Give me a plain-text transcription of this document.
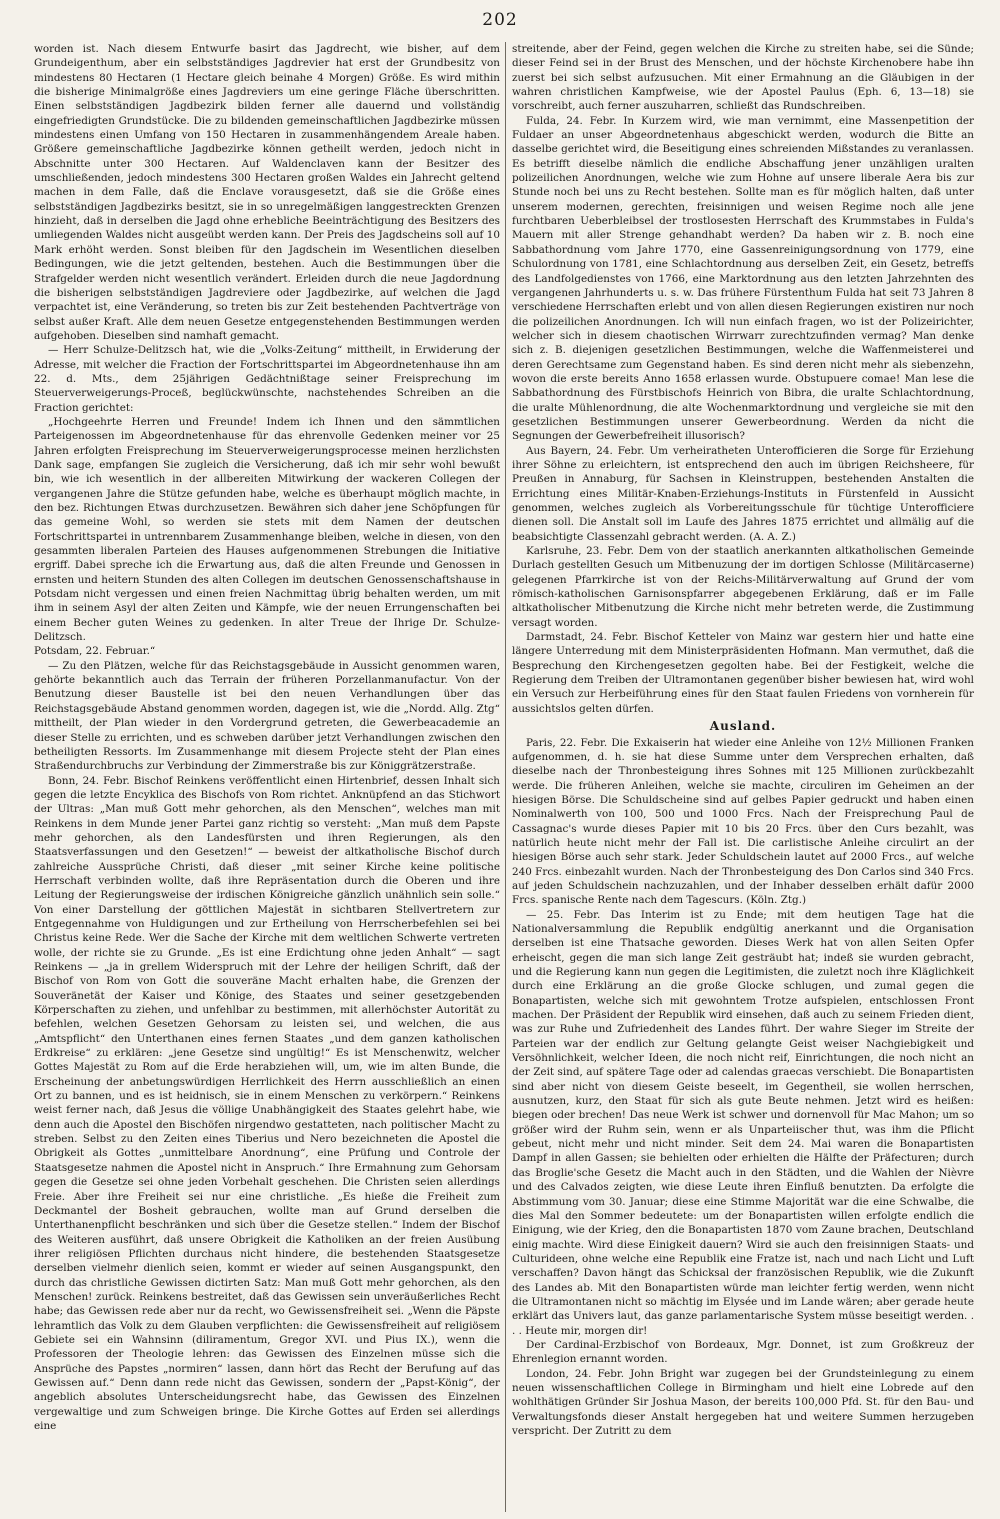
202

worden ist. Nach diesem Entwurfe basirt das Jagdrecht, wie bisher, auf dem Grundeigenthum, aber ein selbstständiges Jagdrevier hat erst der Grundbesitz von mindestens 80 Hectaren (1 Hectare gleich beinahe 4 Morgen) Größe. Es wird mithin die bisherige Minimalgröße eines Jagdreviers um eine geringe Fläche überschritten. Einen selbstständigen Jagdbezirk bilden ferner alle dauernd und vollständig eingefriedigten Grundstücke. Die zu bildenden gemeinschaftlichen Jagdbezirke müssen mindestens einen Umfang von 150 Hectaren in zusammenhängendem Areale haben. Größere gemeinschaftliche Jagdbezirke können getheilt werden, jedoch nicht in Abschnitte unter 300 Hectaren. Auf Waldenclaven kann der Besitzer des umschließenden, jedoch mindestens 300 Hectaren großen Waldes ein Jahrecht geltend machen in dem Falle, daß die Enclave vorausgesetzt, daß sie die Größe eines selbstständigen Jagdbezirks besitzt, sie in so unregelmäßigen langgestreckten Grenzen hinzieht, daß in derselben die Jagd ohne erhebliche Beeinträchtigung des Besitzers des umliegenden Waldes nicht ausgeübt werden kann. Der Preis des Jagdscheins soll auf 10 Mark erhöht werden. Sonst bleiben für den Jagdschein im Wesentlichen dieselben Bedingungen, wie die jetzt geltenden, bestehen. Auch die Bestimmungen über die Strafgelder werden nicht wesentlich verändert. Erleiden durch die neue Jagdordnung die bisherigen selbstständigen Jagdreviere oder Jagdbezirke, auf welchen die Jagd verpachtet ist, eine Veränderung, so treten bis zur Zeit bestehenden Pachtverträge von selbst außer Kraft. Alle dem neuen Gesetze entgegenstehenden Bestimmungen werden aufgehoben. Dieselben sind namhaft gemacht.

— Herr Schulze-Delitzsch hat, wie die „Volks-Zeitung“ mittheilt, in Erwiderung der Adresse, mit welcher die Fraction der Fortschrittspartei im Abgeordnetenhause ihn am 22. d. Mts., dem 25jährigen Gedächtnißtage seiner Freisprechung im Steuerverweigerungs-Proceß, beglückwünschte, nachstehendes Schreiben an die Fraction gerichtet:

„Hochgeehrte Herren und Freunde! Indem ich Ihnen und den sämmtlichen Parteigenossen im Abgeordnetenhause für das ehrenvolle Gedenken meiner vor 25 Jahren erfolgten Freisprechung im Steuerverweigerungsprocesse meinen herzlichsten Dank sage, empfangen Sie zugleich die Versicherung, daß ich mir sehr wohl bewußt bin, wie ich wesentlich in der allbereiten Mitwirkung der wackeren Collegen der vergangenen Jahre die Stütze gefunden habe, welche es überhaupt möglich machte, in den bez. Richtungen Etwas durchzusetzen. Bewähren sich daher jene Schöpfungen für das gemeine Wohl, so werden sie stets mit dem Namen der deutschen Fortschrittspartei in untrennbarem Zusammenhange bleiben, welche in diesen, von den gesammten liberalen Parteien des Hauses aufgenommenen Strebungen die Initiative ergriff. Dabei spreche ich die Erwartung aus, daß die alten Freunde und Genossen in ernsten und heitern Stunden des alten Collegen im deutschen Genossenschaftshause in Potsdam nicht vergessen und einen freien Nachmittag übrig behalten werden, um mit ihm in seinem Asyl der alten Zeiten und Kämpfe, wie der neuen Errungenschaften bei einem Becher guten Weines zu gedenken. In alter Treue der Ihrige Dr. Schulze-Delitzsch.

Potsdam, 22. Februar.“

— Zu den Plätzen, welche für das Reichstagsgebäude in Aussicht genommen waren, gehörte bekanntlich auch das Terrain der früheren Porzellanmanufactur. Von der Benutzung dieser Baustelle ist bei den neuen Verhandlungen über das Reichstagsgebäude Abstand genommen worden, dagegen ist, wie die „Nordd. Allg. Ztg“ mittheilt, der Plan wieder in den Vordergrund getreten, die Gewerbeacademie an dieser Stelle zu errichten, und es schweben darüber jetzt Verhandlungen zwischen den betheiligten Ressorts. Im Zusammenhange mit diesem Projecte steht der Plan eines Straßendurchbruchs zur Verbindung der Zimmerstraße bis zur Königgrätzerstraße.

Bonn, 24. Febr. Bischof Reinkens veröffentlicht einen Hirtenbrief, dessen Inhalt sich gegen die letzte Encyklica des Bischofs von Rom richtet. Anknüpfend an das Stichwort der Ultras: „Man muß Gott mehr gehorchen, als den Menschen“, welches man mit Reinkens in dem Munde jener Partei ganz richtig so versteht: „Man muß dem Papste mehr gehorchen, als den Landesfürsten und ihren Regierungen, als den Staatsverfassungen und den Gesetzen!“ — beweist der altkatholische Bischof durch zahlreiche Aussprüche Christi, daß dieser „mit seiner Kirche keine politische Herrschaft verbinden wollte, daß ihre Repräsentation durch die Oberen und ihre Leitung der Regierungsweise der irdischen Königreiche gänzlich unähnlich sein solle.“ Von einer Darstellung der göttlichen Majestät in sichtbaren Stellvertretern zur Entgegennahme von Huldigungen und zur Ertheilung von Herrscherbefehlen sei bei Christus keine Rede. Wer die Sache der Kirche mit dem weltlichen Schwerte vertreten wolle, der richte sie zu Grunde. „Es ist eine Erdichtung ohne jeden Anhalt“ — sagt Reinkens — „ja in grellem Widerspruch mit der Lehre der heiligen Schrift, daß der Bischof von Rom von Gott die souveräne Macht erhalten habe, die Grenzen der Souveränetät der Kaiser und Könige, des Staates und seiner gesetzgebenden Körperschaften zu ziehen, und unfehlbar zu bestimmen, mit allerhöchster Autorität zu befehlen, welchen Gesetzen Gehorsam zu leisten sei, und welchen, die aus „Amtspflicht“ den Unterthanen eines fernen Staates „und dem ganzen katholischen Erdkreise“ zu erklären: „jene Gesetze sind ungültig!“ Es ist Menschenwitz, welcher Gottes Majestät zu Rom auf die Erde herabziehen will, um, wie im alten Bunde, die Erscheinung der anbetungswürdigen Herrlichkeit des Herrn ausschließlich an einen Ort zu bannen, und es ist heidnisch, sie in einem Menschen zu verkörpern.“ Reinkens weist ferner nach, daß Jesus die völlige Unabhängigkeit des Staates gelehrt habe, wie denn auch die Apostel den Bischöfen nirgendwo gestatteten, nach politischer Macht zu streben. Selbst zu den Zeiten eines Tiberius und Nero bezeichneten die Apostel die Obrigkeit als Gottes „unmittelbare Anordnung“, eine Prüfung und Controle der Staatsgesetze nahmen die Apostel nicht in Anspruch.“ Ihre Ermahnung zum Gehorsam gegen die Gesetze sei ohne jeden Vorbehalt geschehen. Die Christen seien allerdings Freie. Aber ihre Freiheit sei nur eine christliche. „Es hieße die Freiheit zum Deckmantel der Bosheit gebrauchen, wollte man auf Grund derselben die Unterthanenpflicht beschränken und sich über die Gesetze stellen.“ Indem der Bischof des Weiteren ausführt, daß unsere Obrigkeit die Katholiken an der freien Ausübung ihrer religiösen Pflichten durchaus nicht hindere, die bestehenden Staatsgesetze derselben vielmehr dienlich seien, kommt er wieder auf seinen Ausgangspunkt, den durch das christliche Gewissen dictirten Satz: Man muß Gott mehr gehorchen, als den Menschen! zurück. Reinkens bestreitet, daß das Gewissen sein unveräußerliches Recht habe; das Gewissen rede aber nur da recht, wo Gewissensfreiheit sei. „Wenn die Päpste lehramtlich das Volk zu dem Glauben verpflichten: die Gewissensfreiheit auf religiösem Gebiete sei ein Wahnsinn (diliramentum, Gregor XVI. und Pius IX.), wenn die Professoren der Theologie lehren: das Gewissen des Einzelnen müsse sich die Ansprüche des Papstes „normiren“ lassen, dann hört das Recht der Berufung auf das Gewissen auf.“ Denn dann rede nicht das Gewissen, sondern der „Papst-König“, der angeblich absolutes Unterscheidungsrecht habe, das Gewissen des Einzelnen vergewaltige und zum Schweigen bringe. Die Kirche Gottes auf Erden sei allerdings eine

streitende, aber der Feind, gegen welchen die Kirche zu streiten habe, sei die Sünde; dieser Feind sei in der Brust des Menschen, und der höchste Kirchenobere habe ihn zuerst bei sich selbst aufzusuchen. Mit einer Ermahnung an die Gläubigen in der wahren christlichen Kampfweise, wie der Apostel Paulus (Eph. 6, 13—18) sie vorschreibt, auch ferner auszuharren, schließt das Rundschreiben.

Fulda, 24. Febr. In Kurzem wird, wie man vernimmt, eine Massenpetition der Fuldaer an unser Abgeordnetenhaus abgeschickt werden, wodurch die Bitte an dasselbe gerichtet wird, die Beseitigung eines schreienden Mißstandes zu veranlassen. Es betrifft dieselbe nämlich die endliche Abschaffung jener unzähligen uralten polizeilichen Anordnungen, welche wie zum Hohne auf unsere liberale Aera bis zur Stunde noch bei uns zu Recht bestehen. Sollte man es für möglich halten, daß unter unserem modernen, gerechten, freisinnigen und weisen Regime noch alle jene furchtbaren Ueberbleibsel der trostlosesten Herrschaft des Krummstabes in Fulda's Mauern mit aller Strenge gehandhabt werden? Da haben wir z. B. noch eine Sabbathordnung vom Jahre 1770, eine Gassenreinigungsordnung von 1779, eine Schulordnung von 1781, eine Schlachtordnung aus derselben Zeit, ein Gesetz, betreffs des Landfolgedienstes von 1766, eine Marktordnung aus den letzten Jahrzehnten des vergangenen Jahrhunderts u. s. w. Das frühere Fürstenthum Fulda hat seit 73 Jahren 8 verschiedene Herrschaften erlebt und von allen diesen Regierungen existiren nur noch die polizeilichen Anordnungen. Ich will nun einfach fragen, wo ist der Polizeirichter, welcher sich in diesem chaotischen Wirrwarr zurechtzufinden vermag? Man denke sich z. B. diejenigen gesetzlichen Bestimmungen, welche die Waffenmeisterei und deren Gerechtsame zum Gegenstand haben. Es sind deren nicht mehr als siebenzehn, wovon die erste bereits Anno 1658 erlassen wurde. Obstupuere comae! Man lese die Sabbathordnung des Fürstbischofs Heinrich von Bibra, die uralte Schlachtordnung, die uralte Mühlenordnung, die alte Wochenmarktordnung und vergleiche sie mit den gesetzlichen Bestimmungen unserer Gewerbeordnung. Werden da nicht die Segnungen der Gewerbefreiheit illusorisch?

Aus Bayern, 24. Febr. Um verheiratheten Unterofficieren die Sorge für Erziehung ihrer Söhne zu erleichtern, ist entsprechend den auch im übrigen Reichsheere, für Preußen in Annaburg, für Sachsen in Kleinstruppen, bestehenden Anstalten die Errichtung eines Militär-Knaben-Erziehungs-Instituts in Fürstenfeld in Aussicht genommen, welches zugleich als Vorbereitungsschule für tüchtige Unterofficiere dienen soll. Die Anstalt soll im Laufe des Jahres 1875 errichtet und allmälig auf die beabsichtigte Classenzahl gebracht werden. (A. A. Z.)

Karlsruhe, 23. Febr. Dem von der staatlich anerkannten altkatholischen Gemeinde Durlach gestellten Gesuch um Mitbenuzung der im dortigen Schlosse (Militärcaserne) gelegenen Pfarrkirche ist von der Reichs-Militärverwaltung auf Grund der vom römisch-katholischen Garnisonspfarrer abgegebenen Erklärung, daß er im Falle altkatholischer Mitbenutzung die Kirche nicht mehr betreten werde, die Zustimmung versagt worden.

Darmstadt, 24. Febr. Bischof Ketteler von Mainz war gestern hier und hatte eine längere Unterredung mit dem Ministerpräsidenten Hofmann. Man vermuthet, daß die Besprechung den Kirchengesetzen gegolten habe. Bei der Festigkeit, welche die Regierung dem Treiben der Ultramontanen gegenüber bisher bewiesen hat, wird wohl ein Versuch zur Herbeiführung eines für den Staat faulen Friedens von vornherein für aussichtslos gelten dürfen.

Ausland.

Paris, 22. Febr. Die Exkaiserin hat wieder eine Anleihe von 12½ Millionen Franken aufgenommen, d. h. sie hat diese Summe unter dem Versprechen erhalten, daß dieselbe nach der Thronbesteigung ihres Sohnes mit 125 Millionen zurückbezahlt werde. Die früheren Anleihen, welche sie machte, circuliren im Geheimen an der hiesigen Börse. Die Schuldscheine sind auf gelbes Papier gedruckt und haben einen Nominalwerth von 100, 500 und 1000 Frcs. Nach der Freisprechung Paul de Cassagnac's wurde dieses Papier mit 10 bis 20 Frcs. über den Curs bezahlt, was natürlich heute nicht mehr der Fall ist. Die carlistische Anleihe circulirt an der hiesigen Börse auch sehr stark. Jeder Schuldschein lautet auf 2000 Frcs., auf welche 240 Frcs. einbezahlt wurden. Nach der Thronbesteigung des Don Carlos sind 340 Frcs. auf jeden Schuldschein nachzuzahlen, und der Inhaber desselben erhält dafür 2000 Frcs. spanische Rente nach dem Tagescurs. (Köln. Ztg.)

— 25. Febr. Das Interim ist zu Ende; mit dem heutigen Tage hat die Nationalversammlung die Republik endgültig anerkannt und die Organisation derselben ist eine Thatsache geworden. Dieses Werk hat von allen Seiten Opfer erheischt, gegen die man sich lange Zeit gesträubt hat; indeß sie wurden gebracht, und die Regierung kann nun gegen die Legitimisten, die zuletzt noch ihre Kläglichkeit durch eine Erklärung an die große Glocke schlugen, und zumal gegen die Bonapartisten, welche sich mit gewohntem Trotze aufspielen, entschlossen Front machen. Der Präsident der Republik wird einsehen, daß auch zu seinem Frieden dient, was zur Ruhe und Zufriedenheit des Landes führt. Der wahre Sieger im Streite der Parteien war der endlich zur Geltung gelangte Geist weiser Nachgiebigkeit und Versöhnlichkeit, welcher Ideen, die noch nicht reif, Einrichtungen, die noch nicht an der Zeit sind, auf spätere Tage oder ad calendas graecas verschiebt. Die Bonapartisten sind aber nicht von diesem Geiste beseelt, im Gegentheil, sie wollen herrschen, ausnutzen, kurz, den Staat für sich als gute Beute nehmen. Jetzt wird es heißen: biegen oder brechen! Das neue Werk ist schwer und dornenvoll für Mac Mahon; um so größer wird der Ruhm sein, wenn er als Unparteiischer thut, was ihm die Pflicht gebeut, nicht mehr und nicht minder. Seit dem 24. Mai waren die Bonapartisten Dampf in allen Gassen; sie behielten oder erhielten die Hälfte der Präfecturen; durch das Broglie'sche Gesetz die Macht auch in den Städten, und die Wahlen der Nièvre und des Calvados zeigten, wie diese Leute ihren Einfluß benutzten. Da erfolgte die Abstimmung vom 30. Januar; diese eine Stimme Majorität war die eine Schwalbe, die dies Mal den Sommer bedeutete: um der Bonapartisten willen erfolgte endlich die Einigung, wie der Krieg, den die Bonapartisten 1870 vom Zaune brachen, Deutschland einig machte. Wird diese Einigkeit dauern? Wird sie auch den freisinnigen Staats- und Culturideen, ohne welche eine Republik eine Fratze ist, nach und nach Licht und Luft verschaffen? Davon hängt das Schicksal der französischen Republik, wie die Zukunft des Landes ab. Mit den Bonapartisten würde man leichter fertig werden, wenn nicht die Ultramontanen nicht so mächtig im Elysée und im Lande wären; aber gerade heute erklärt das Univers laut, das ganze parlamentarische System müsse beseitigt werden. . . . Heute mir, morgen dir!

Der Cardinal-Erzbischof von Bordeaux, Mgr. Donnet, ist zum Großkreuz der Ehrenlegion ernannt worden.

London, 24. Febr. John Bright war zugegen bei der Grundsteinlegung zu einem neuen wissenschaftlichen College in Birmingham und hielt eine Lobrede auf den wohlthätigen Gründer Sir Joshua Mason, der bereits 100,000 Pfd. St. für den Bau- und Verwaltungsfonds dieser Anstalt hergegeben hat und weitere Summen herzugeben verspricht. Der Zutritt zu dem
